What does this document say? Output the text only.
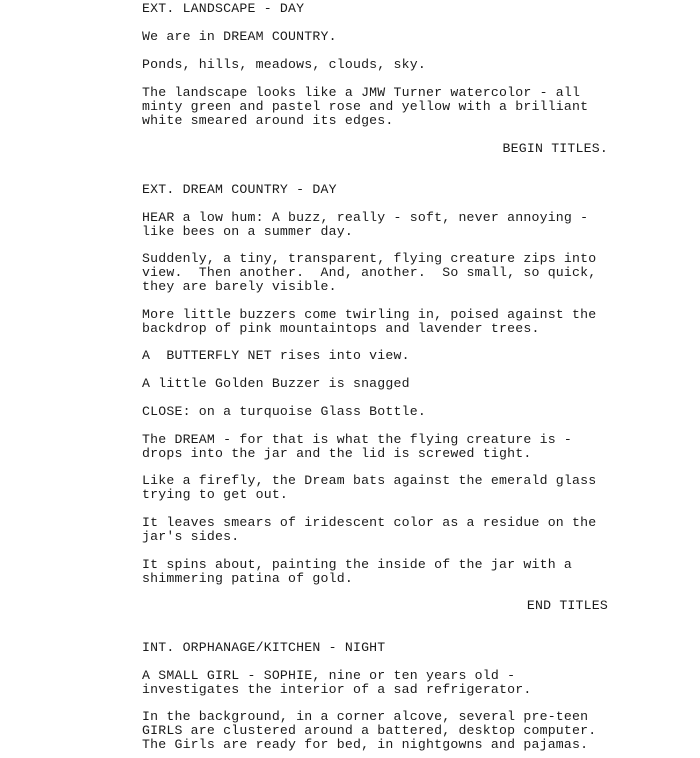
EXT. LANDSCAPE - DAY
We are in DREAM COUNTRY.
Ponds, hills, meadows, clouds, sky.
The landscape looks like a JMW Turner watercolor - all
minty green and pastel rose and yellow with a brilliant
white smeared around its edges.
BEGIN TITLES.
EXT. DREAM COUNTRY - DAY
HEAR a low hum: A buzz, really - soft, never annoying -
like bees on a summer day.
Suddenly, a tiny, transparent, flying creature zips into
view.  Then another.  And, another.  So small, so quick,
they are barely visible.
More little buzzers come twirling in, poised against the
backdrop of pink mountaintops and lavender trees.
A  BUTTERFLY NET rises into view.
A little Golden Buzzer is snagged
CLOSE: on a turquoise Glass Bottle.
The DREAM - for that is what the flying creature is -
drops into the jar and the lid is screwed tight.
Like a firefly, the Dream bats against the emerald glass
trying to get out.
It leaves smears of iridescent color as a residue on the
jar's sides.
It spins about, painting the inside of the jar with a
shimmering patina of gold.
END TITLES
INT. ORPHANAGE/KITCHEN - NIGHT
A SMALL GIRL - SOPHIE, nine or ten years old -
investigates the interior of a sad refrigerator.
In the background, in a corner alcove, several pre-teen
GIRLS are clustered around a battered, desktop computer.
The Girls are ready for bed, in nightgowns and pajamas.
